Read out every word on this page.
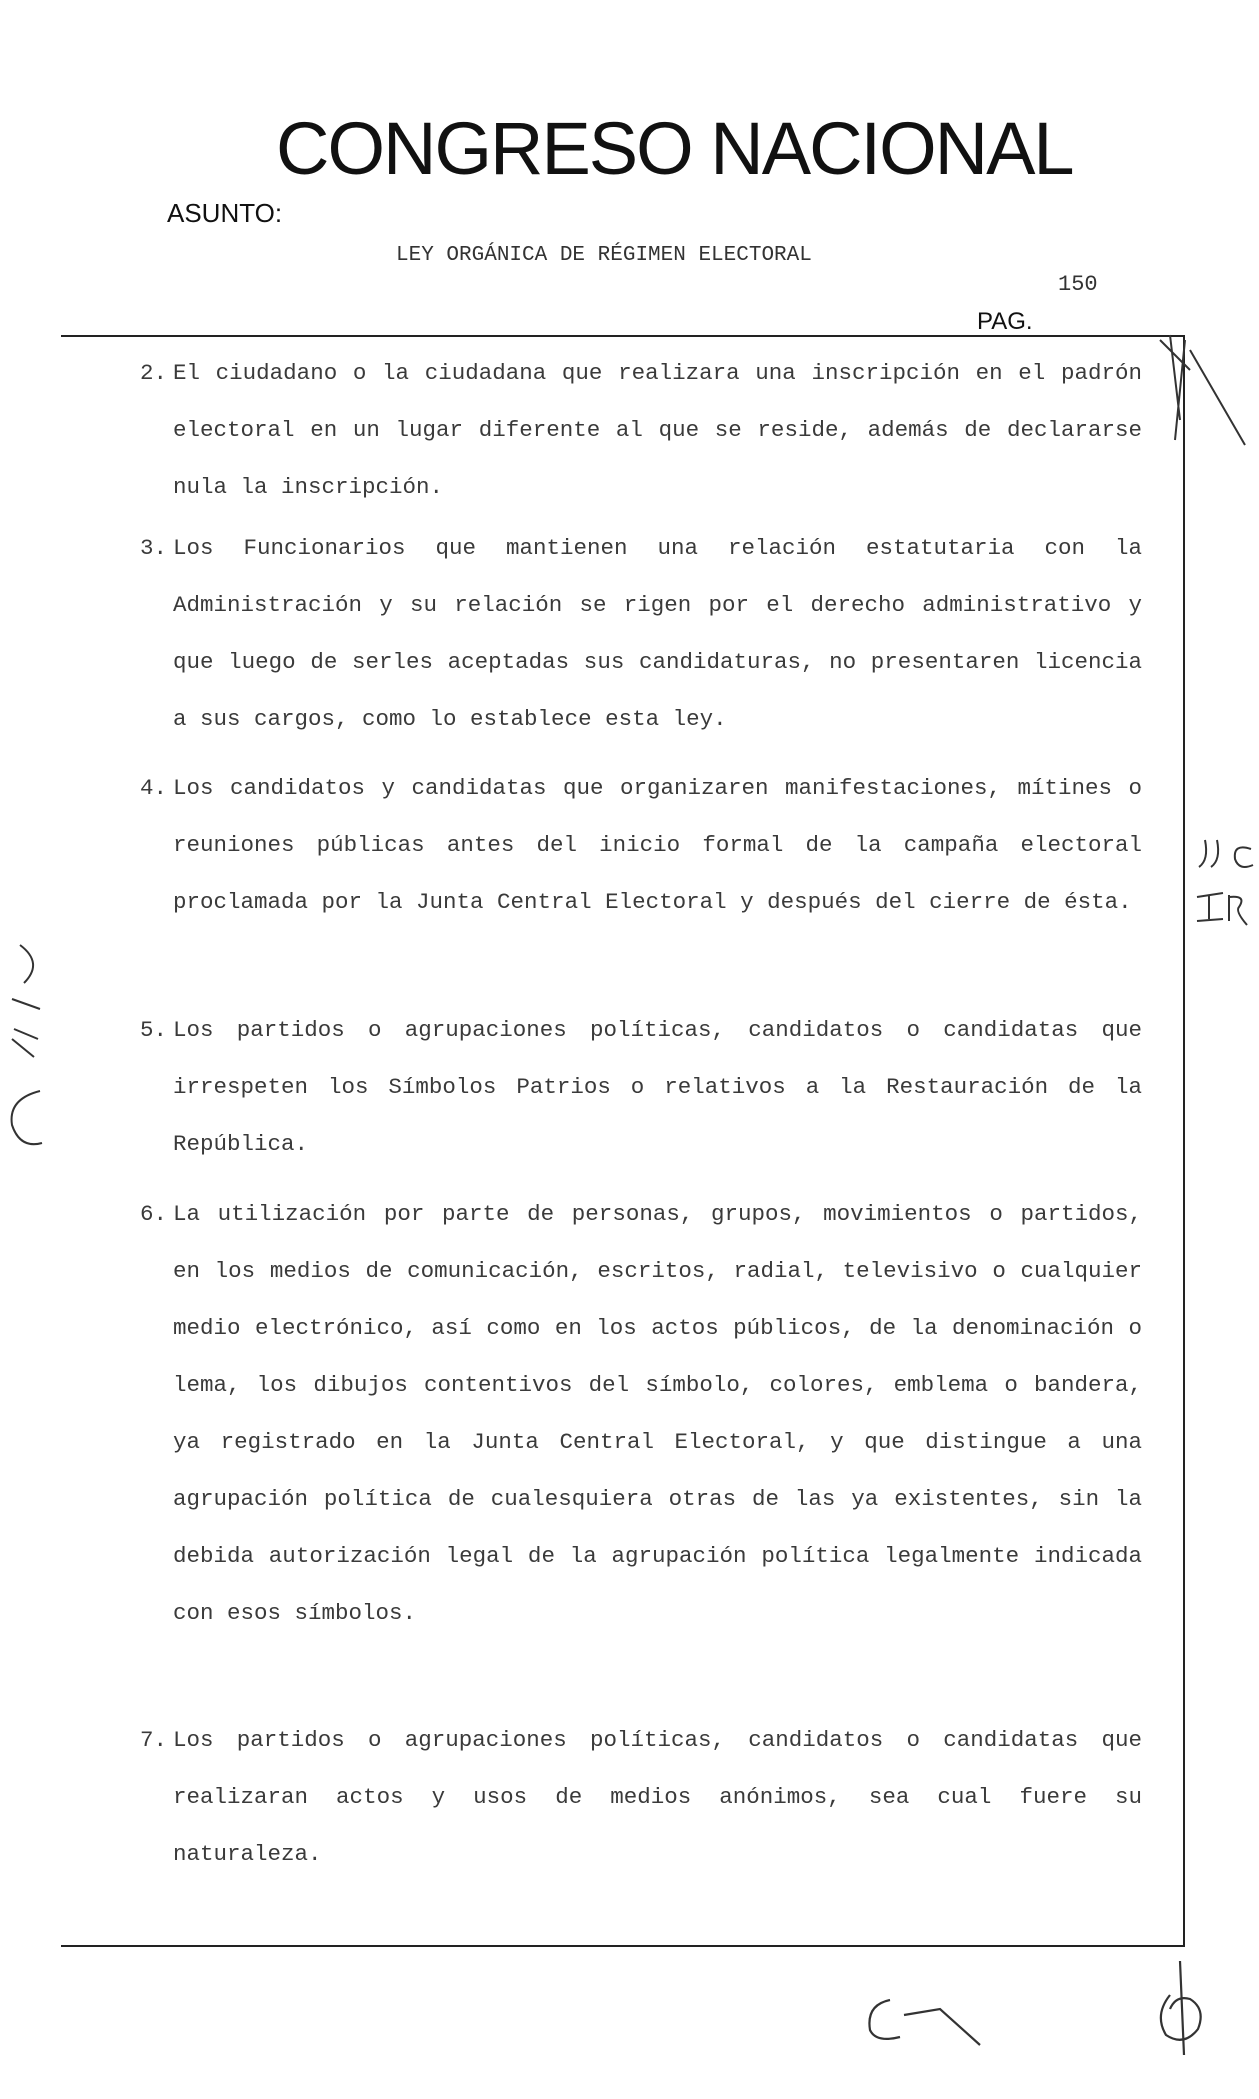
CONGRESO NACIONAL
ASUNTO:
LEY ORGÁNICA DE RÉGIMEN ELECTORAL
150
PAG.
2. El ciudadano o la ciudadana que realizara una inscripción en el padrón electoral en un lugar diferente al que se reside, además de declararse nula la inscripción.
3. Los Funcionarios que mantienen una relación estatutaria con la Administración y su relación se rigen por el derecho administrativo y que luego de serles aceptadas sus candidaturas, no presentaren licencia a sus cargos, como lo establece esta ley.
4. Los candidatos y candidatas que organizaren manifestaciones, mítines o reuniones públicas antes del inicio formal de la campaña electoral proclamada por la Junta Central Electoral y después del cierre de ésta.
5. Los partidos o agrupaciones políticas, candidatos o candidatas que irrespeten los Símbolos Patrios o relativos a la Restauración de la República.
6. La utilización por parte de personas, grupos, movimientos o partidos, en los medios de comunicación, escritos, radial, televisivo o cualquier medio electrónico, así como en los actos públicos, de la denominación o lema, los dibujos contentivos del símbolo, colores, emblema o bandera, ya registrado en la Junta Central Electoral, y que distingue a una agrupación política de cualesquiera otras de las ya existentes, sin la debida autorización legal de la agrupación política legalmente indicada con esos símbolos.
7. Los partidos o agrupaciones políticas, candidatos o candidatas que realizaran actos y usos de medios anónimos, sea cual fuere su naturaleza.
